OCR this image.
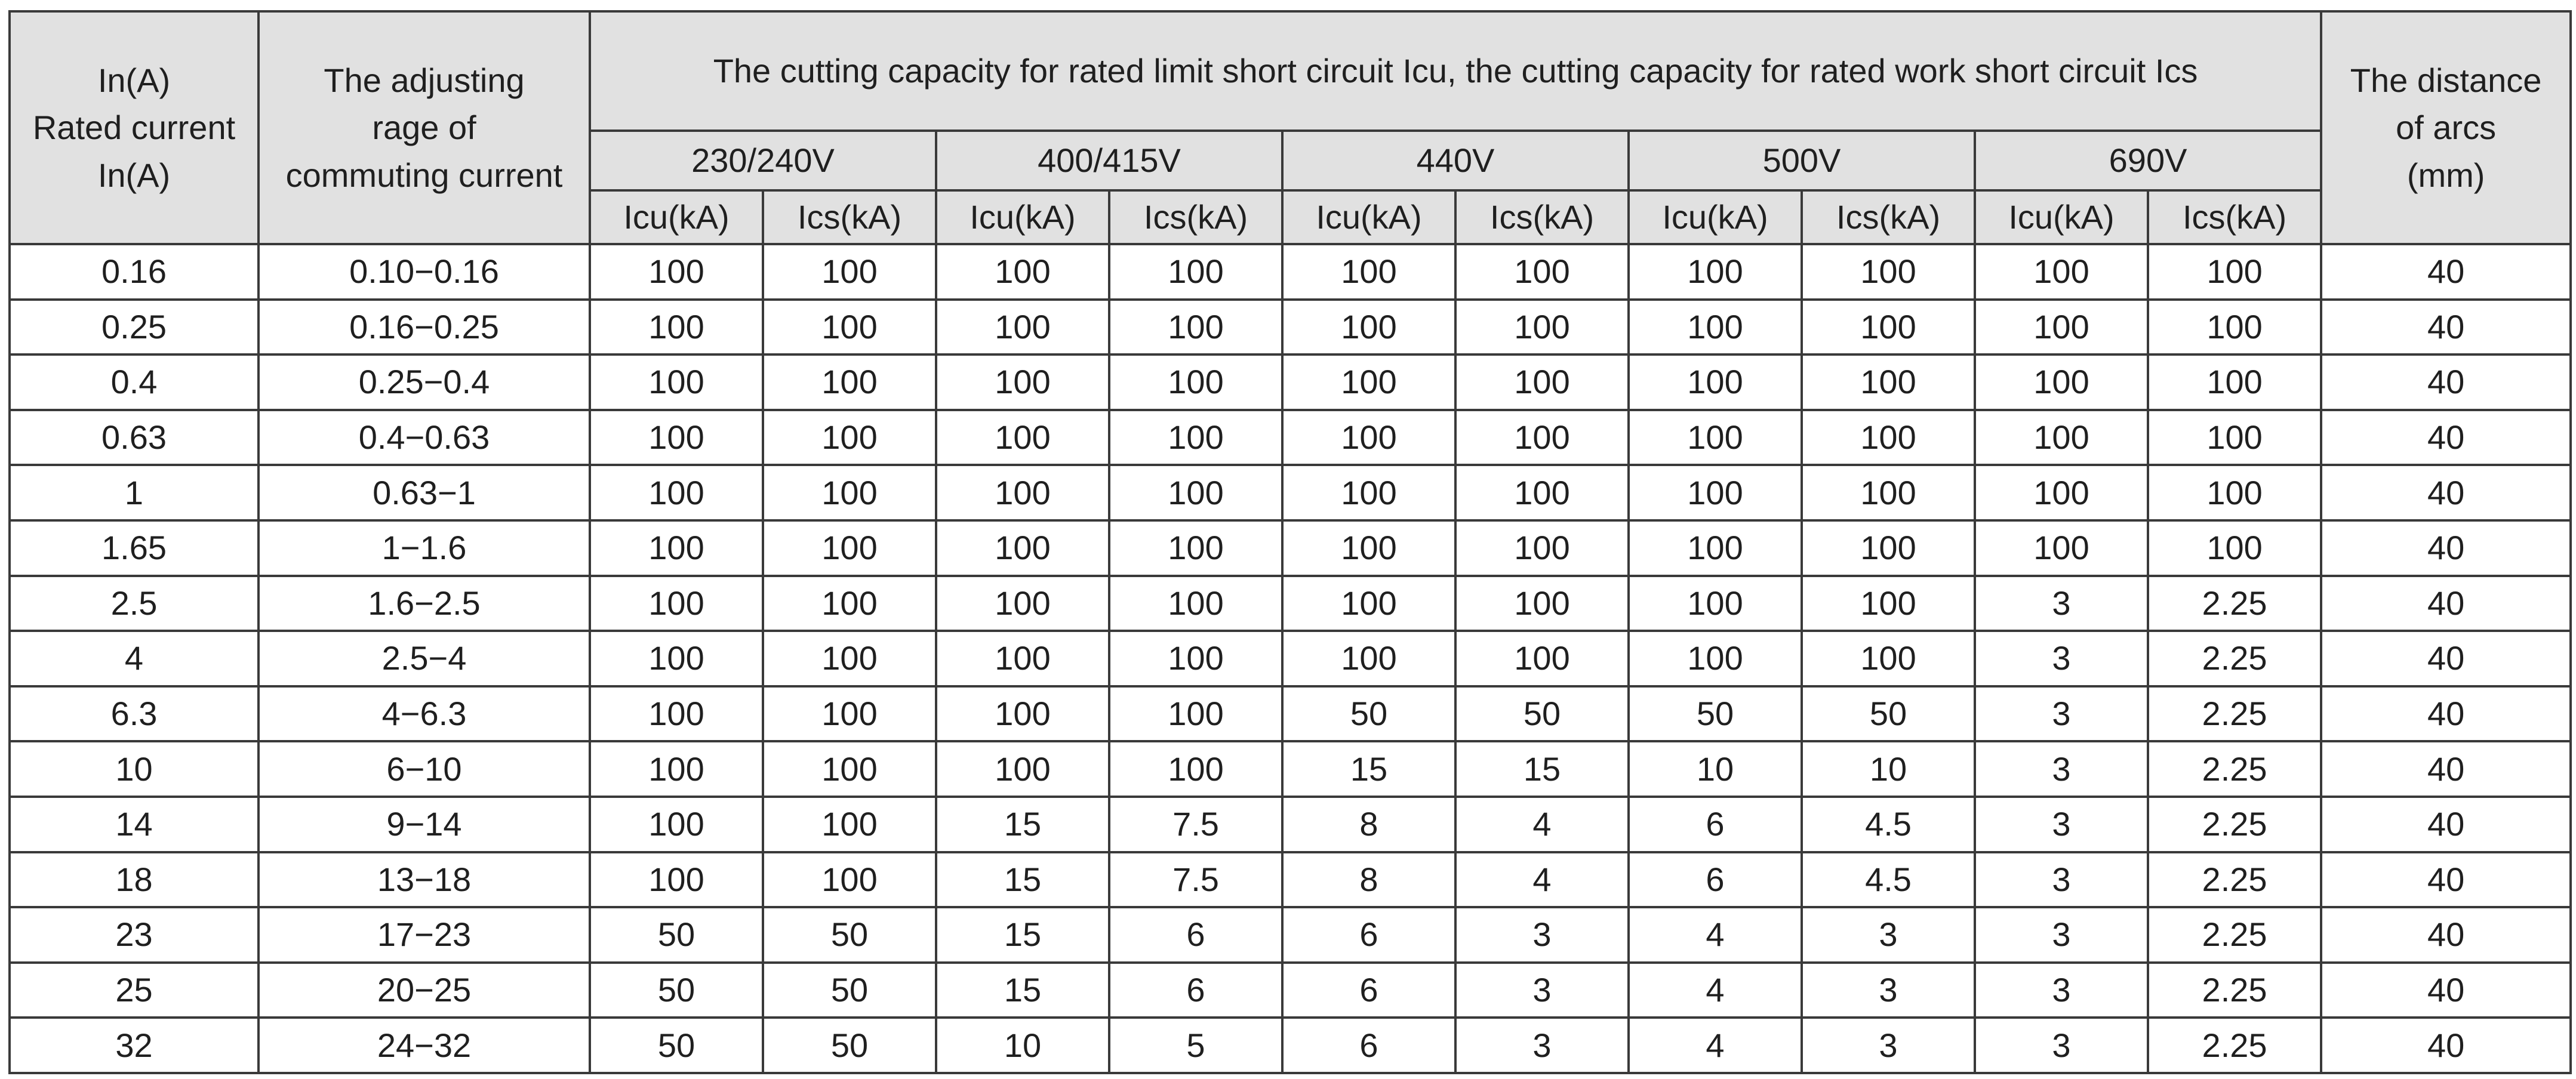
In(A)
Rated current
In(A)	The adjusting
rage of
commuting current	The cutting capacity for rated limit short circuit Icu, the cutting capacity for rated work short circuit Ics										The distance
of arcs
(mm)

		230/240V		400/415V		440V		500V		690V		
		Icu(kA)	Ics(kA)	Icu(kA)	Ics(kA)	Icu(kA)	Ics(kA)	Icu(kA)	Ics(kA)	Icu(kA)	Ics(kA)	
0.16	0.10−0.16	100	100	100	100	100	100	100	100	100	100	40
0.25	0.16−0.25	100	100	100	100	100	100	100	100	100	100	40
0.4	0.25−0.4	100	100	100	100	100	100	100	100	100	100	40
0.63	0.4−0.63	100	100	100	100	100	100	100	100	100	100	40
1	0.63−1	100	100	100	100	100	100	100	100	100	100	40
1.65	1−1.6	100	100	100	100	100	100	100	100	100	100	40
2.5	1.6−2.5	100	100	100	100	100	100	100	100	3	2.25	40
4	2.5−4	100	100	100	100	100	100	100	100	3	2.25	40
6.3	4−6.3	100	100	100	100	50	50	50	50	3	2.25	40
10	6−10	100	100	100	100	15	15	10	10	3	2.25	40
14	9−14	100	100	15	7.5	8	4	6	4.5	3	2.25	40
18	13−18	100	100	15	7.5	8	4	6	4.5	3	2.25	40
23	17−23	50	50	15	6	6	3	4	3	3	2.25	40
25	20−25	50	50	15	6	6	3	4	3	3	2.25	40
32	24−32	50	50	10	5	6	3	4	3	3	2.25	40
